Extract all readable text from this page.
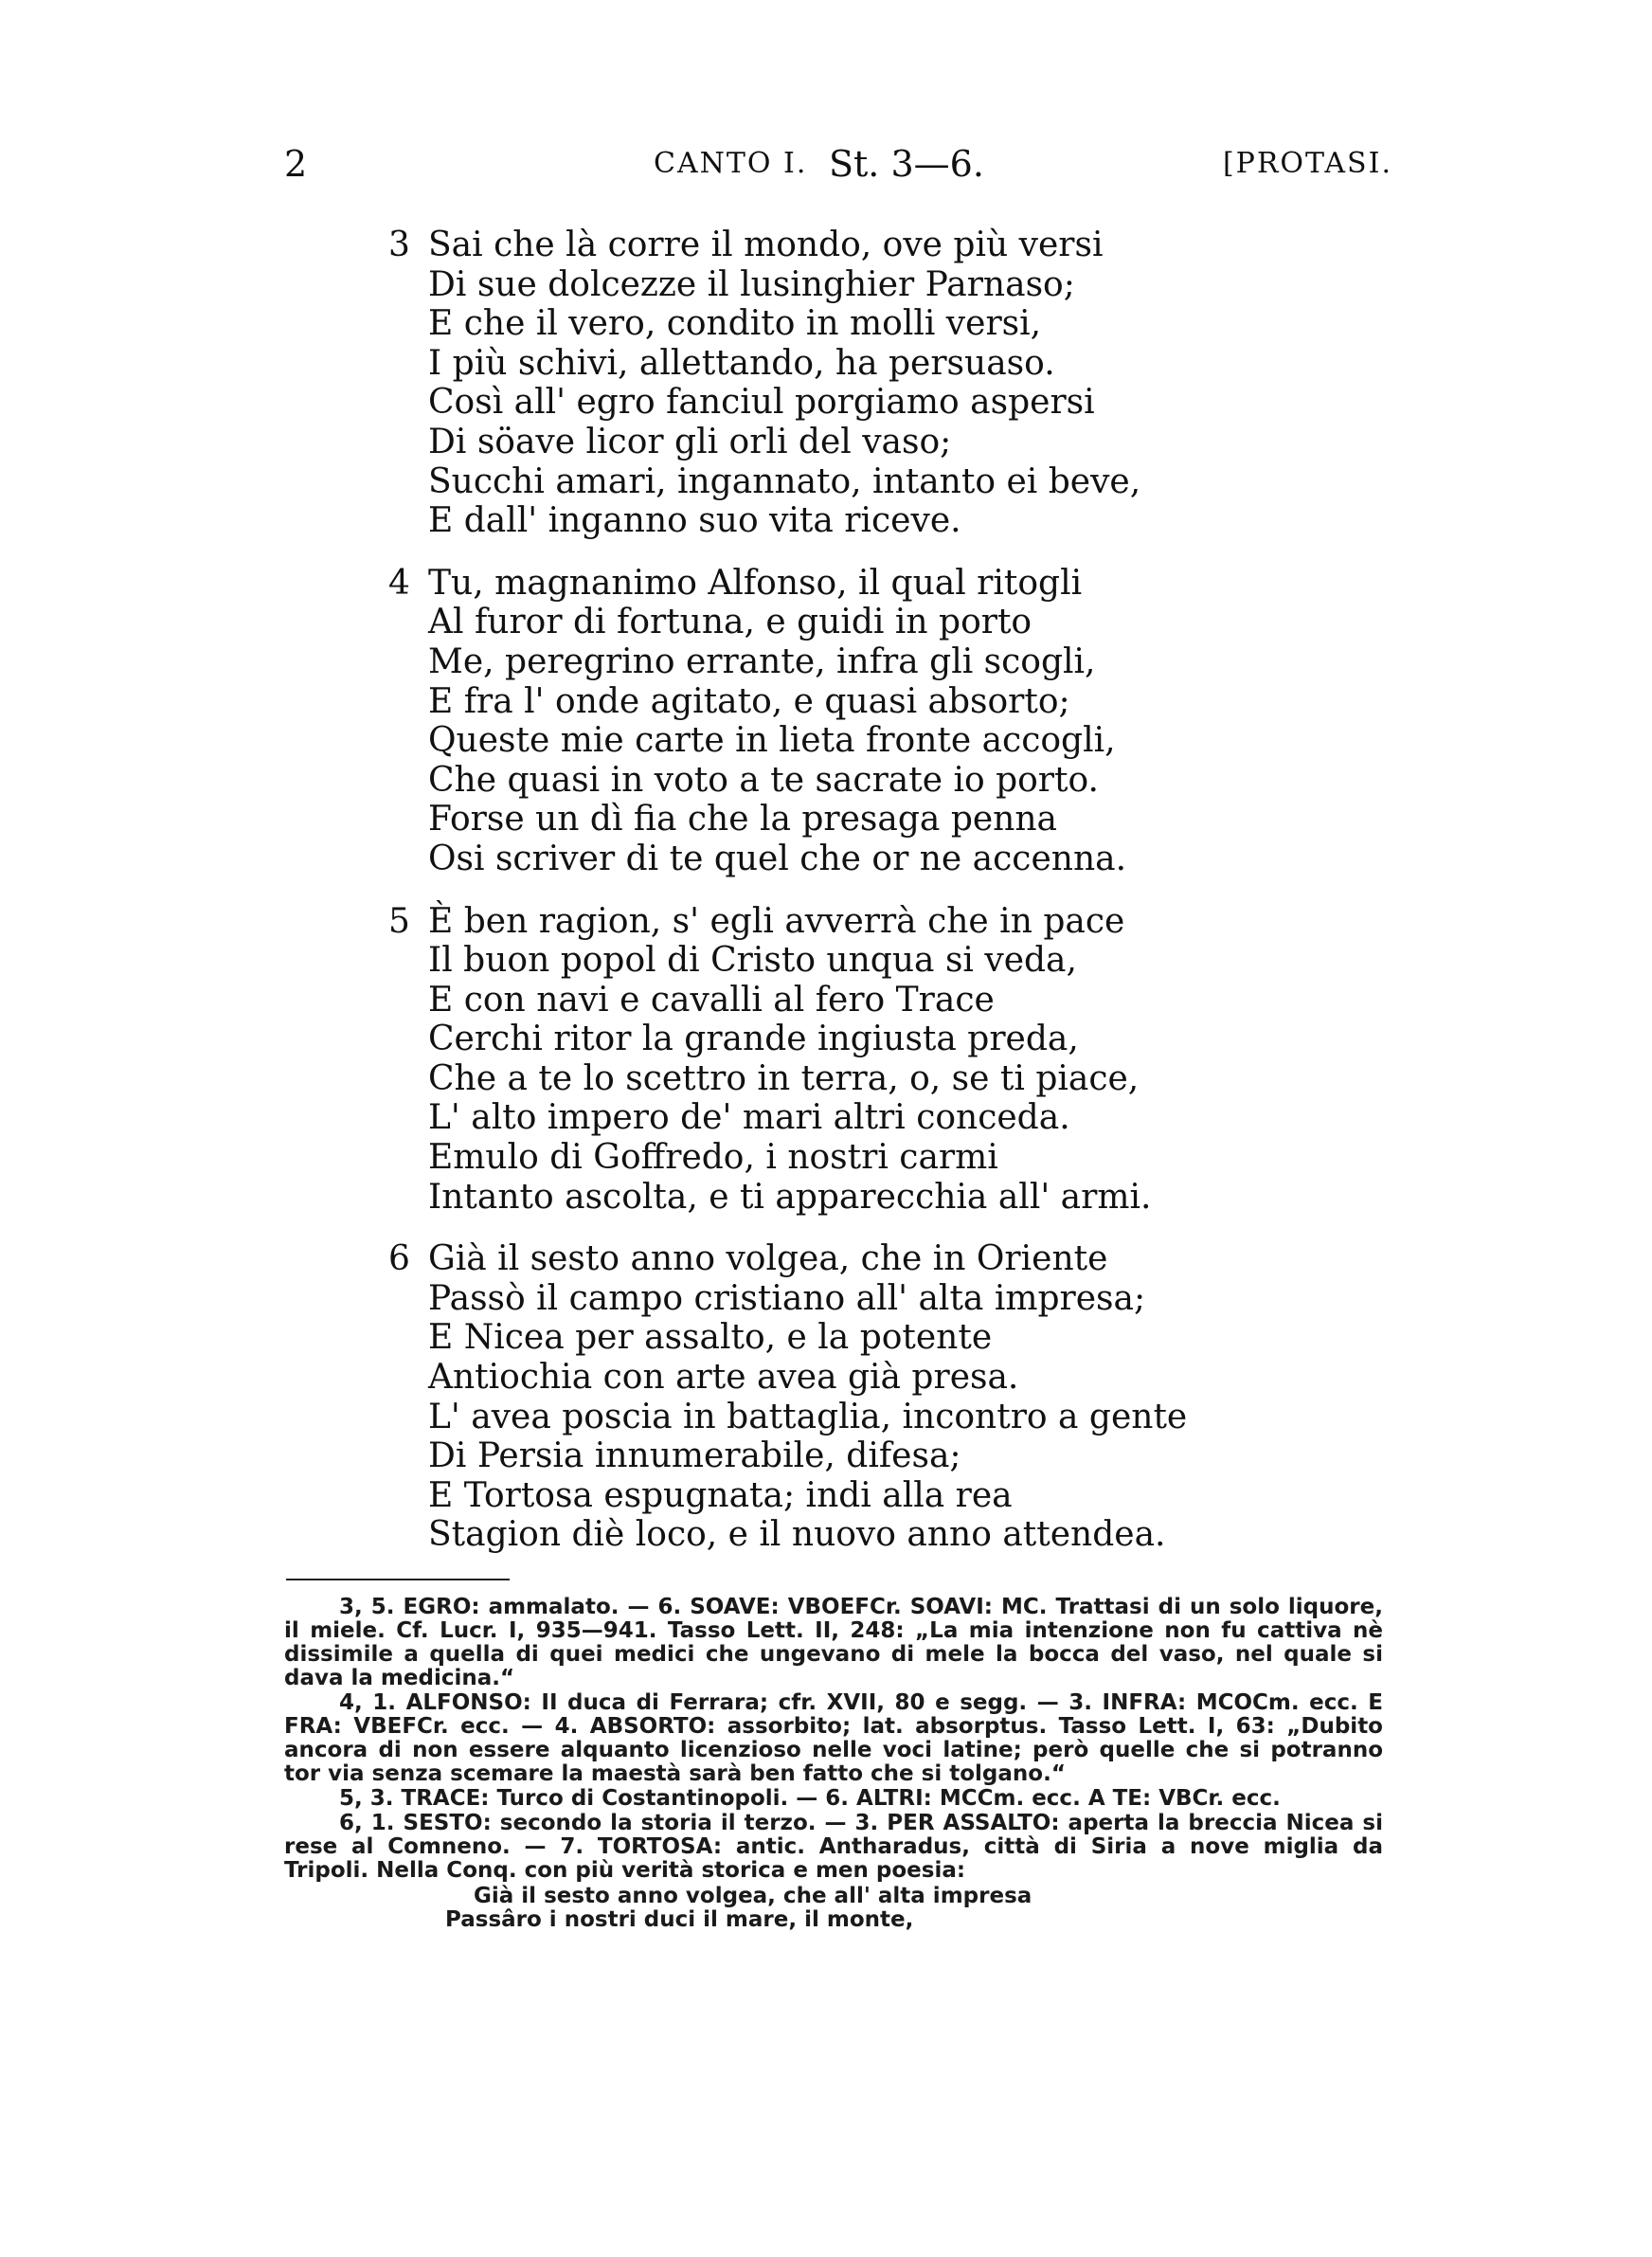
2	CANTO I. St. 3—6.	[PROTASI.
3 Sai che là corre il mondo, ove più versi
Di sue dolcezze il lusinghier Parnaso;
E che il vero, condito in molli versi,
I più schivi, allettando, ha persuaso.
Così all' egro fanciul porgiamo aspersi
Di söave licor gli orli del vaso;
Succhi amari, ingannato, intanto ei beve,
E dall' inganno suo vita riceve.
4 Tu, magnanimo Alfonso, il qual ritogli
Al furor di fortuna, e guidi in porto
Me, peregrino errante, infra gli scogli,
E fra l' onde agitato, e quasi absorto;
Queste mie carte in lieta fronte accogli,
Che quasi in voto a te sacrate io porto.
Forse un dì fia che la presaga penna
Osi scriver di te quel che or ne accenna.
5 È ben ragion, s' egli avverrà che in pace
Il buon popol di Cristo unqua si veda,
E con navi e cavalli al fero Trace
Cerchi ritor la grande ingiusta preda,
Che a te lo scettro in terra, o, se ti piace,
L' alto impero de' mari altri conceda.
Emulo di Goffredo, i nostri carmi
Intanto ascolta, e ti apparecchia all' armi.
6 Già il sesto anno volgea, che in Oriente
Passò il campo cristiano all' alta impresa;
E Nicea per assalto, e la potente
Antiochia con arte avea già presa.
L' avea poscia in battaglia, incontro a gente
Di Persia innumerabile, difesa;
E Tortosa espugnata; indi alla rea
Stagion diè loco, e il nuovo anno attendea.

3, 5. EGRO: ammalato. — 6. SOAVE: VBOEFCr. SOAVI: MC. Trattasi di un solo liquore, il miele. Cf. Lucr. I, 935—941. Tasso Lett. II, 248: „La mia intenzione non fu cattiva nè dissimile a quella di quei medici che ungevano di mele la bocca del vaso, nel quale si dava la medicina.“

4, 1. ALFONSO: II duca di Ferrara; cfr. XVII, 80 e segg. — 3. INFRA: MCOCm. ecc. E FRA: VBEFCr. ecc. — 4. ABSORTO: assorbito; lat. absorptus. Tasso Lett. I, 63: „Dubito ancora di non essere alquanto licenzioso nelle voci latine; però quelle che si potranno tor via senza scemare la maestà sarà ben fatto che si tolgano.“

5, 3. TRACE: Turco di Costantinopoli. — 6. ALTRI: MCCm. ecc. A TE: VBCr. ecc.

6, 1. SESTO: secondo la storia il terzo. — 3. PER ASSALTO: aperta la breccia Nicea si rese al Comneno. — 7. TORTOSA: antic. Antharadus, città di Siria a nove miglia da Tripoli. Nella Conq. con più verità storica e men poesia:

Già il sesto anno volgea, che all' alta impresa
Passâro i nostri duci il mare, il monte,
